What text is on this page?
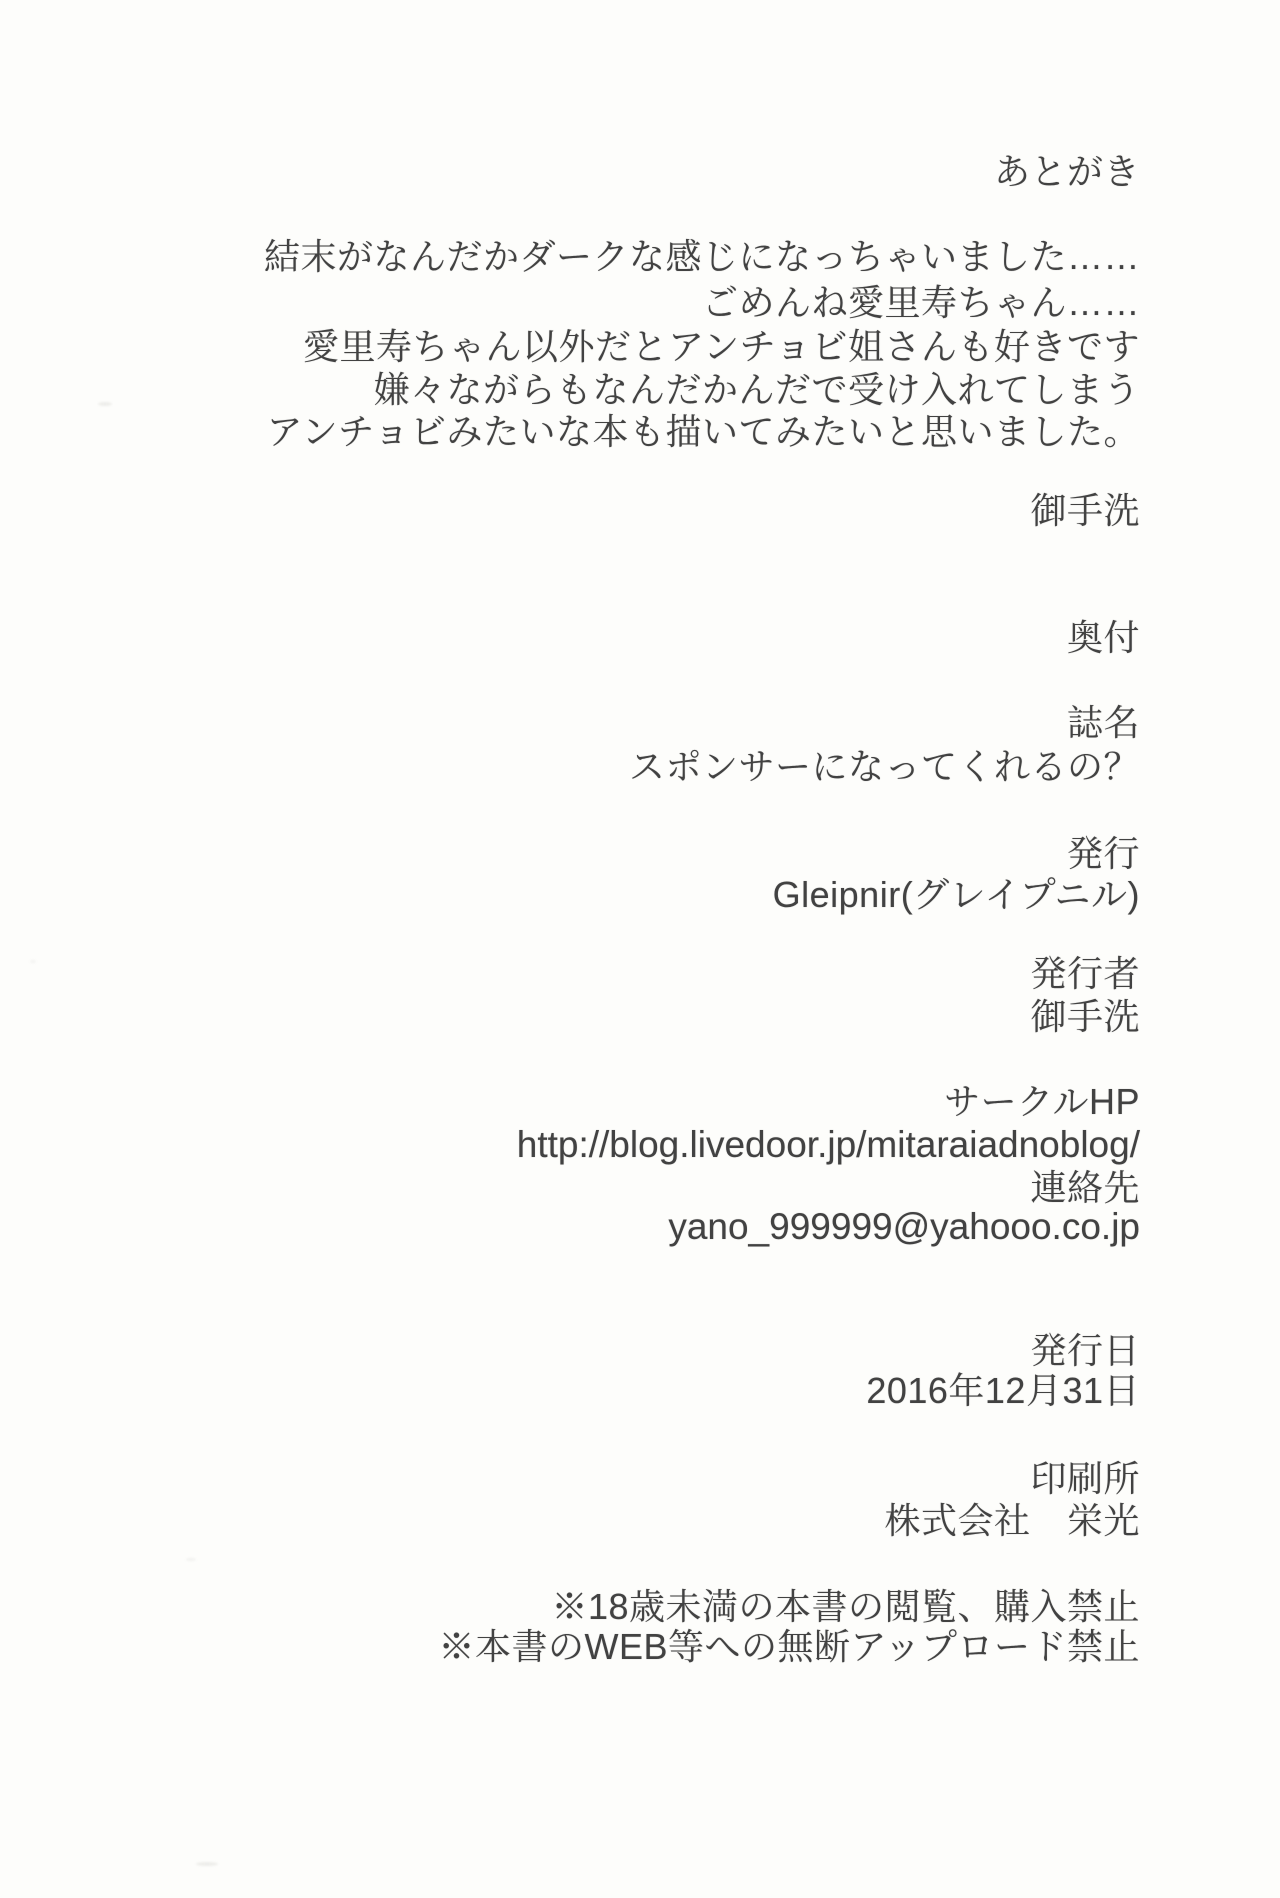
あとがき
結末がなんだかダークな感じになっちゃいました……
ごめんね愛里寿ちゃん……
愛里寿ちゃん以外だとアンチョビ姐さんも好きです
嫌々ながらもなんだかんだで受け入れてしまう
アンチョビみたいな本も描いてみたいと思いました。
御手洗
奥付
誌名
スポンサーになってくれるの？
発行
Gleipnir(グレイプニル)
発行者
御手洗
サークルHP
http://blog.livedoor.jp/mitaraiadnoblog/
連絡先
yano_999999@yahooo.co.jp
発行日
2016年12月31日
印刷所
株式会社　栄光
※18歳未満の本書の閲覧、購入禁止
※本書のWEB等への無断アップロード禁止
